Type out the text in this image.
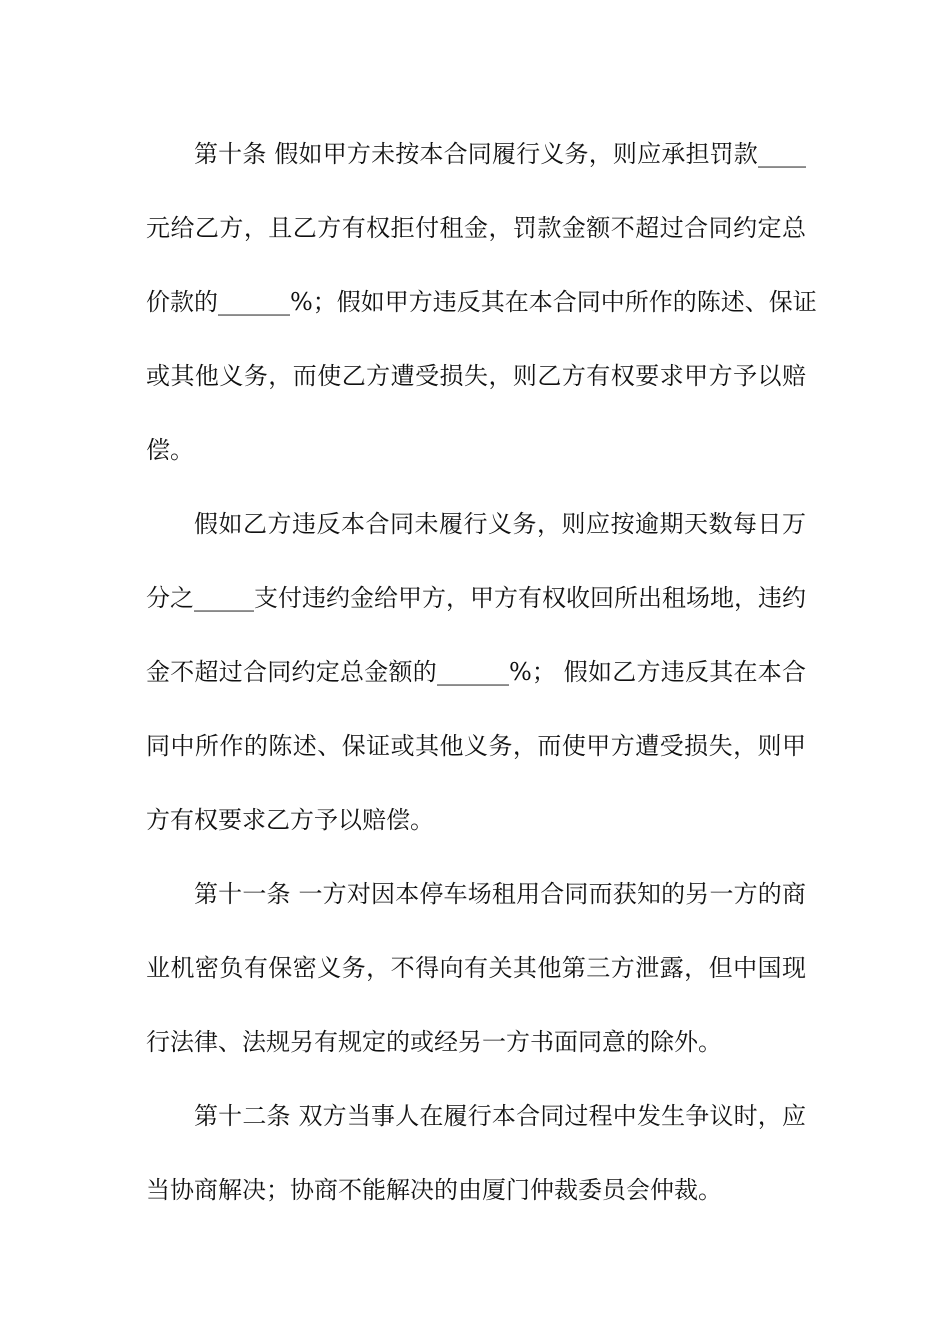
第十条 假如甲方未按本合同履行义务，则应承担罚款____
元给乙方，且乙方有权拒付租金，罚款金额不超过合同约定总
价款的______%；假如甲方违反其在本合同中所作的陈述、保证
或其他义务，而使乙方遭受损失，则乙方有权要求甲方予以赔
偿。
假如乙方违反本合同未履行义务，则应按逾期天数每日万
分之_____支付违约金给甲方，甲方有权收回所出租场地，违约
金不超过合同约定总金额的______%； 假如乙方违反其在本合
同中所作的陈述、保证或其他义务，而使甲方遭受损失，则甲
方有权要求乙方予以赔偿。
第十一条 一方对因本停车场租用合同而获知的另一方的商
业机密负有保密义务，不得向有关其他第三方泄露，但中国现
行法律、法规另有规定的或经另一方书面同意的除外。
第十二条 双方当事人在履行本合同过程中发生争议时，应
当协商解决；协商不能解决的由厦门仲裁委员会仲裁。
